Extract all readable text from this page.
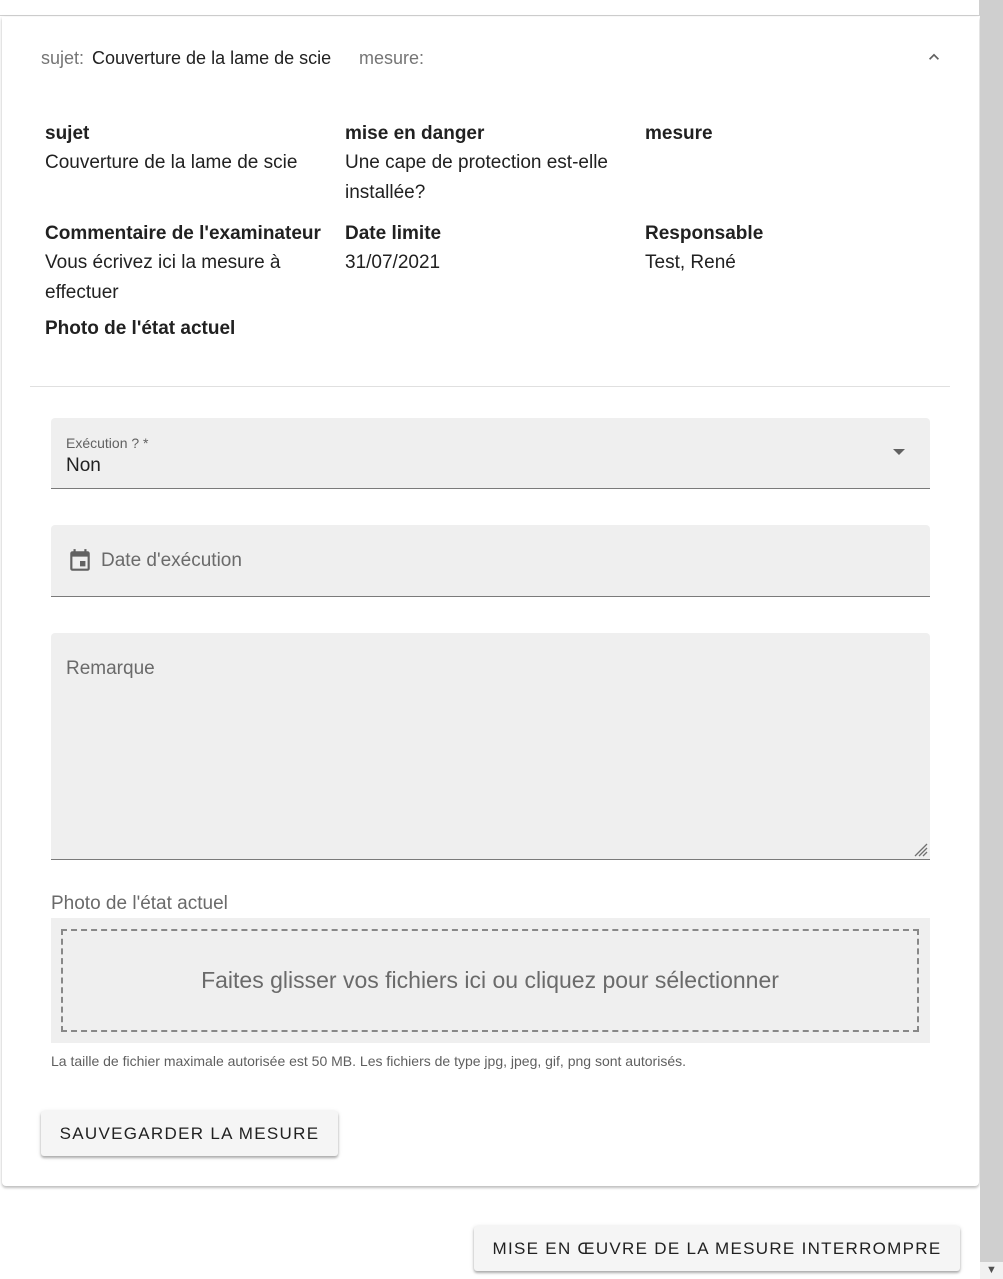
sujet: Couverture de la lame de scie mesure:
sujet
Couverture de la lame de scie
mise en danger
Une cape de protection est-elle
installée?
mesure
Commentaire de l'examinateur
Vous écrivez ici la mesure à
effectuer
Date limite
31/07/2021
Responsable
Test, René
Photo de l'état actuel
Exécution ? *
Non
Date d'exécution
Remarque
Photo de l'état actuel
Faites glisser vos fichiers ici ou cliquez pour sélectionner
La taille de fichier maximale autorisée est 50 MB. Les fichiers de type jpg, jpeg, gif, png sont autorisés.
SAUVEGARDER LA MESURE
MISE EN ŒUVRE DE LA MESURE INTERROMPRE
▼
